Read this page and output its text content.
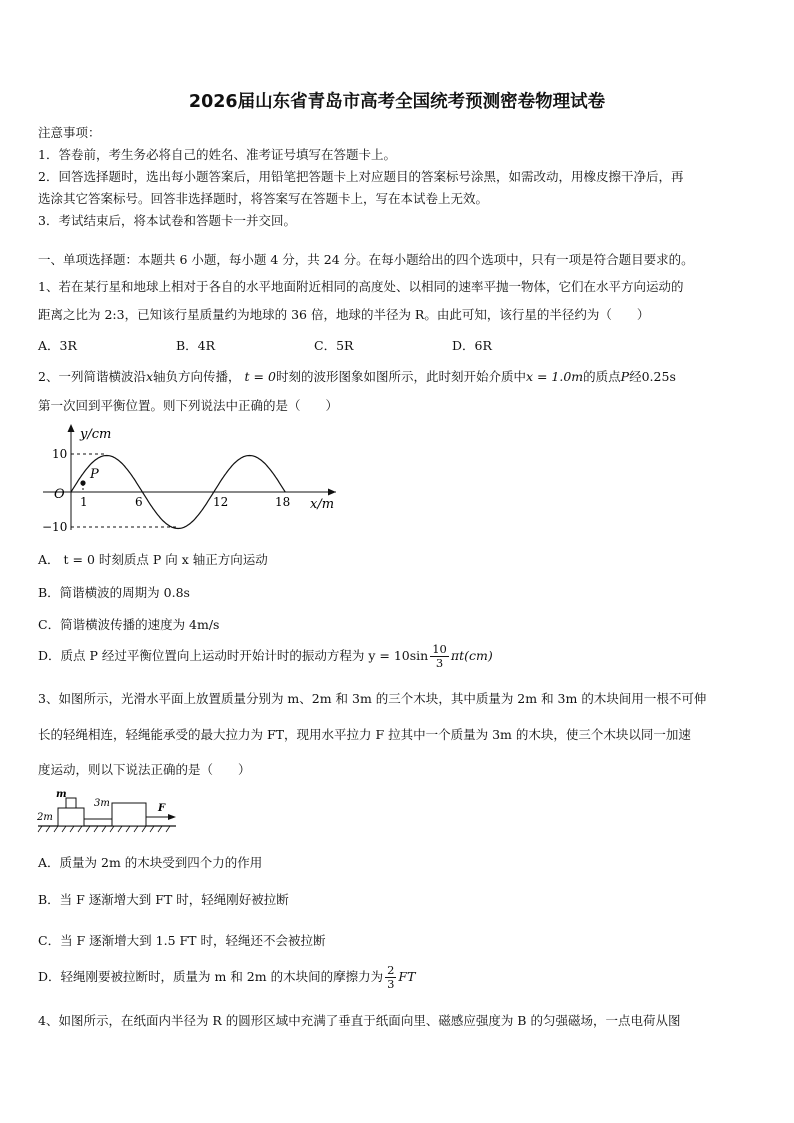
2026届山东省青岛市高考全国统考预测密卷物理试卷
注意事项：
1．答卷前，考生务必将自己的姓名、准考证号填写在答题卡上。
2．回答选择题时，选出每小题答案后，用铅笔把答题卡上对应题目的答案标号涂黑，如需改动，用橡皮擦干净后，再
选涂其它答案标号。回答非选择题时，将答案写在答题卡上，写在本试卷上无效。
3．考试结束后，将本试卷和答题卡一并交回。
一、单项选择题：本题共 6 小题，每小题 4 分，共 24 分。在每小题给出的四个选项中，只有一项是符合题目要求的。
1、若在某行星和地球上相对于各自的水平地面附近相同的高度处、以相同的速率平抛一物体，它们在水平方向运动的
距离之比为 2:3，已知该行星质量约为地球的 36 倍，地球的半径为 R。由此可知，该行星的半径约为（　　）
A．3R	B．4R	C．5R	D．6R
2、一列简谐横波沿x轴负方向传播， t = 0时刻的波形图象如图所示，此时刻开始介质中x = 1.0m的质点P经0.25s
第一次回到平衡位置。则下列说法中正确的是（　　）
P
y/cm
x/m
O
10
−10
1	6	12	18
A． t = 0 时刻质点 P 向 x 轴正方向运动
B．简谐横波的周期为 0.8s
C．简谐横波传播的速度为 4m/s
D．质点 P 经过平衡位置向上运动时开始计时的振动方程为 $y = 10\sin \frac{10}{3} \pi t(cm)$
3、如图所示，光滑水平面上放置质量分别为 m、2m 和 3m 的三个木块，其中质量为 2m 和 3m 的木块间用一根不可伸
长的轻绳相连，轻绳能承受的最大拉力为 FT，现用水平拉力 F 拉其中一个质量为 3m 的木块，使三个木块以同一加速
度运动，则以下说法正确的是（　　）
m
2m
3m	F
A．质量为 2m 的木块受到四个力的作用
B．当 F 逐渐增大到 FT 时，轻绳刚好被拉断
C．当 F 逐渐增大到 1.5 FT 时，轻绳还不会被拉断
D．轻绳刚要被拉断时，质量为 m 和 2m 的木块间的摩擦力为 $\frac{2}{3}$ FT
4、如图所示，在纸面内半径为 R 的圆形区域中充满了垂直于纸面向里、磁感应强度为 B 的匀强磁场，一点电荷从图
